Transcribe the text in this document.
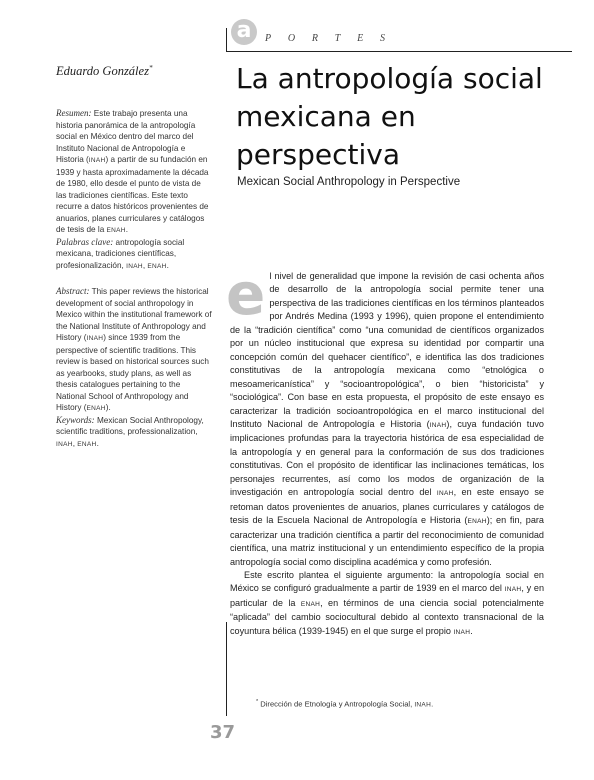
a	P O R T E S
Eduardo González*

Resumen: Este trabajo presenta una historia panorámica de la antropología social en México dentro del marco del Instituto Nacional de Antropología e Historia (INAH) a partir de su fundación en 1939 y hasta aproximadamente la década de 1980, ello desde el punto de vista de las tradiciones científicas. Este texto recurre a datos históricos provenientes de anuarios, planes curriculares y catálogos de tesis de la ENAH.
Palabras clave: antropología social mexicana, tradiciones científicas, profesionalización, INAH, ENAH.

Abstract: This paper reviews the historical development of social anthropology in Mexico within the institutional framework of the National Institute of Anthropology and History (INAH) since 1939 from the perspective of scientific traditions. This review is based on historical sources such as yearbooks, study plans, as well as thesis catalogues pertaining to the National School of Anthropology and History (ENAH).
Keywords: Mexican Social Anthropology, scientific traditions, professionalization, INAH, ENAH.

La antropología social mexicana en perspectiva
Mexican Social Anthropology in Perspective

el nivel de generalidad que impone la revisión de casi ochenta años de desarrollo de la antropología social permite tener una perspectiva de las tradiciones científicas en los términos planteados por Andrés Medina (1993 y 1996), quien propone el entendimiento de la “tradición científica” como “una comunidad de científicos organizados por un núcleo institucional que expresa su identidad por compartir una concepción común del quehacer científico”, e identifica las dos tradiciones constitutivas de la antropología mexicana como “etnológica o mesoamericanística” y “socioantropológica”, o bien “historicista” y “sociológica”. Con base en esta propuesta, el propósito de este ensayo es caracterizar la tradición socioantropológica en el marco institucional del Instituto Nacional de Antropología e Historia (INAH), cuya fundación tuvo implicaciones profundas para la trayectoria histórica de esa especialidad de la antropología y en general para la conformación de sus dos tradiciones constitutivas. Con el propósito de identificar las inclinaciones temáticas, los personajes recurrentes, así como los modos de organización de la investigación en antropología social dentro del INAH, en este ensayo se retoman datos provenientes de anuarios, planes curriculares y catálogos de tesis de la Escuela Nacional de Antropología e Historia (ENAH); en fin, para caracterizar una tradición científica a partir del reconocimiento de comunidad científica, una matriz institucional y un entendimiento específico de la propia antropología social como disciplina académica y como profesión.

Este escrito plantea el siguiente argumento: la antropología social en México se configuró gradualmente a partir de 1939 en el marco del INAH, y en particular de la ENAH, en términos de una ciencia social potencialmente “aplicada” del cambio sociocultural debido al contexto transnacional de la coyuntura bélica (1939-1945) en el que surge el propio INAH.

* Dirección de Etnología y Antropología Social, INAH.
37
